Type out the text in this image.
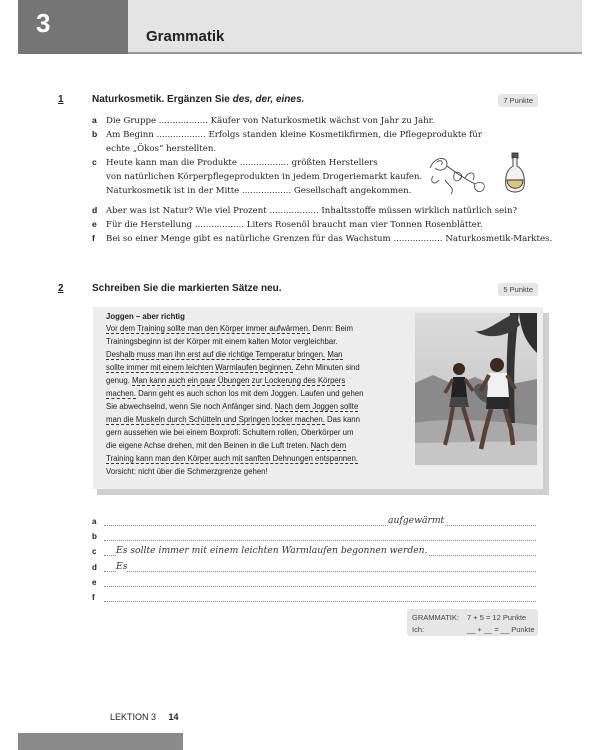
3	Grammatik
1	Naturkosmetik. Ergänzen Sie des, der, eines.	7 Punkte
a Die Gruppe .................. Käufer von Naturkosmetik wächst von Jahr zu Jahr.
b Am Beginn .................. Erfolgs standen kleine Kosmetikfirmen, die Pflegeprodukte für
echte „Ökos“ herstellten.
c Heute kann man die Produkte .................. größten Herstellers
von natürlichen Körperpflegeprodukten in jedem Drogeriemarkt kaufen.
Naturkosmetik ist in der Mitte .................. Gesellschaft angekommen.
d Aber was ist Natur? Wie viel Prozent .................. Inhaltsstoffe müssen wirklich natürlich sein?
e Für die Herstellung .................. Liters Rosenöl braucht man vier Tonnen Rosenblätter.
f Bei so einer Menge gibt es natürliche Grenzen für das Wachstum .................. Naturkosmetik-Marktes.
2	Schreiben Sie die markierten Sätze neu.	5 Punkte
Joggen – aber richtig
Vor dem Training sollte man den Körper immer aufwärmen. Denn: Beim
Trainingsbeginn ist der Körper mit einem kalten Motor vergleichbar.
Deshalb muss man ihn erst auf die richtige Temperatur bringen. Man
sollte immer mit einem leichten Warmlaufen beginnen. Zehn Minuten sind
genug. Man kann auch ein paar Übungen zur Lockerung des Körpers
machen. Dann geht es auch schon los mit dem Joggen. Laufen und gehen
Sie abwechselnd, wenn Sie noch Anfänger sind. Nach dem Joggen sollte
man die Muskeln durch Schütteln und Springen locker machen. Das kann
gern aussehen wie bei einem Boxprofi: Schultern rollen, Oberkörper um
die eigene Achse drehen, mit den Beinen in die Luft treten. Nach dem
Training kann man den Körper auch mit sanften Dehnungen entspannen.
Vorsicht: nicht über die Schmerzgrenze gehen!
a	aufgewärmt
b
c Es sollte immer mit einem leichten Warmlaufen begonnen werden.
d Es
e
f
GRAMMATIK: 7 + 5 = 12 Punkte
Ich:	__ + __ = __ Punkte
LEKTION 3 14
